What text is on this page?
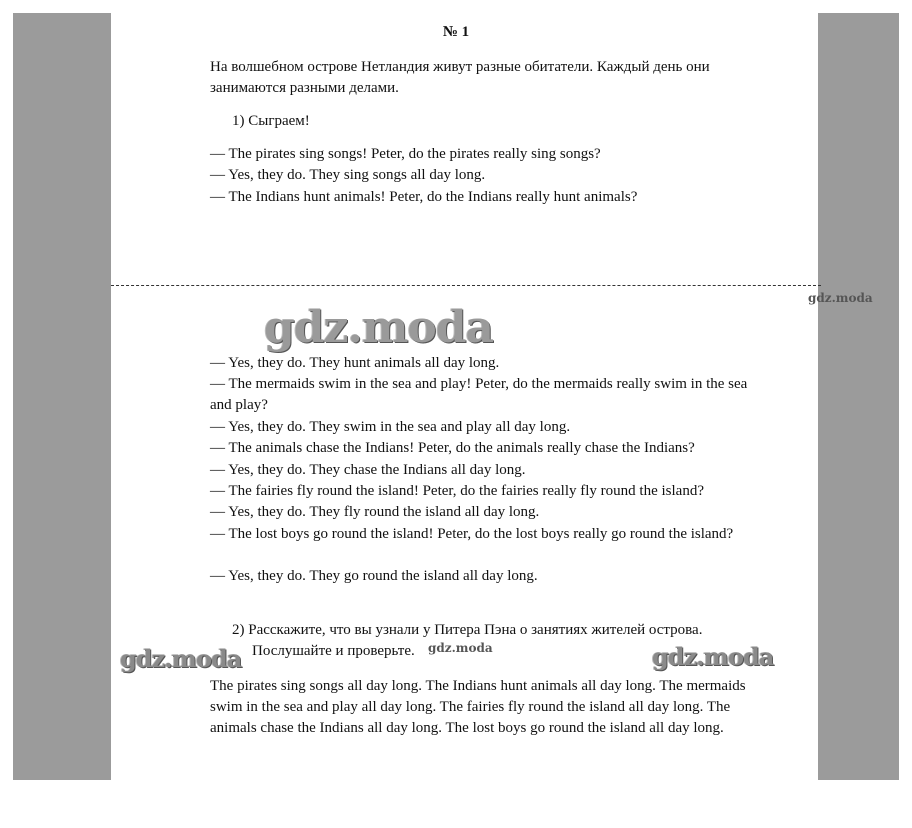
№ 1
На волшебном острове Нетландия живут разные обитатели. Каждый день они занимаются разными делами.
1) Сыграем!
— The pirates sing songs! Peter, do the pirates really sing songs?
— Yes, they do. They sing songs all day long.
— The Indians hunt animals! Peter, do the Indians really hunt animals?
gdz.moda
gdz.moda
— Yes, they do. They hunt animals all day long.
— The mermaids swim in the sea and play! Peter, do the mermaids really swim in the sea and play?
— Yes, they do. They swim in the sea and play all day long.
— The animals chase the Indians! Peter, do the animals really chase the Indians?
— Yes, they do. They chase the Indians all day long.
— The fairies fly round the island! Peter, do the fairies really fly round the island?
— Yes, they do. They fly round the island all day long.
— The lost boys go round the island! Peter, do the lost boys really go round the island?
— Yes, they do. They go round the island all day long.
2) Расскажите, что вы узнали у Питера Пэна о занятиях жителей острова.
Послушайте и проверьте.
gdz.moda	gdz.moda	gdz.moda
The pirates sing songs all day long. The Indians hunt animals all day long. The mermaids swim in the sea and play all day long. The fairies fly round the island all day long. The animals chase the Indians all day long. The lost boys go round the island all day long.
